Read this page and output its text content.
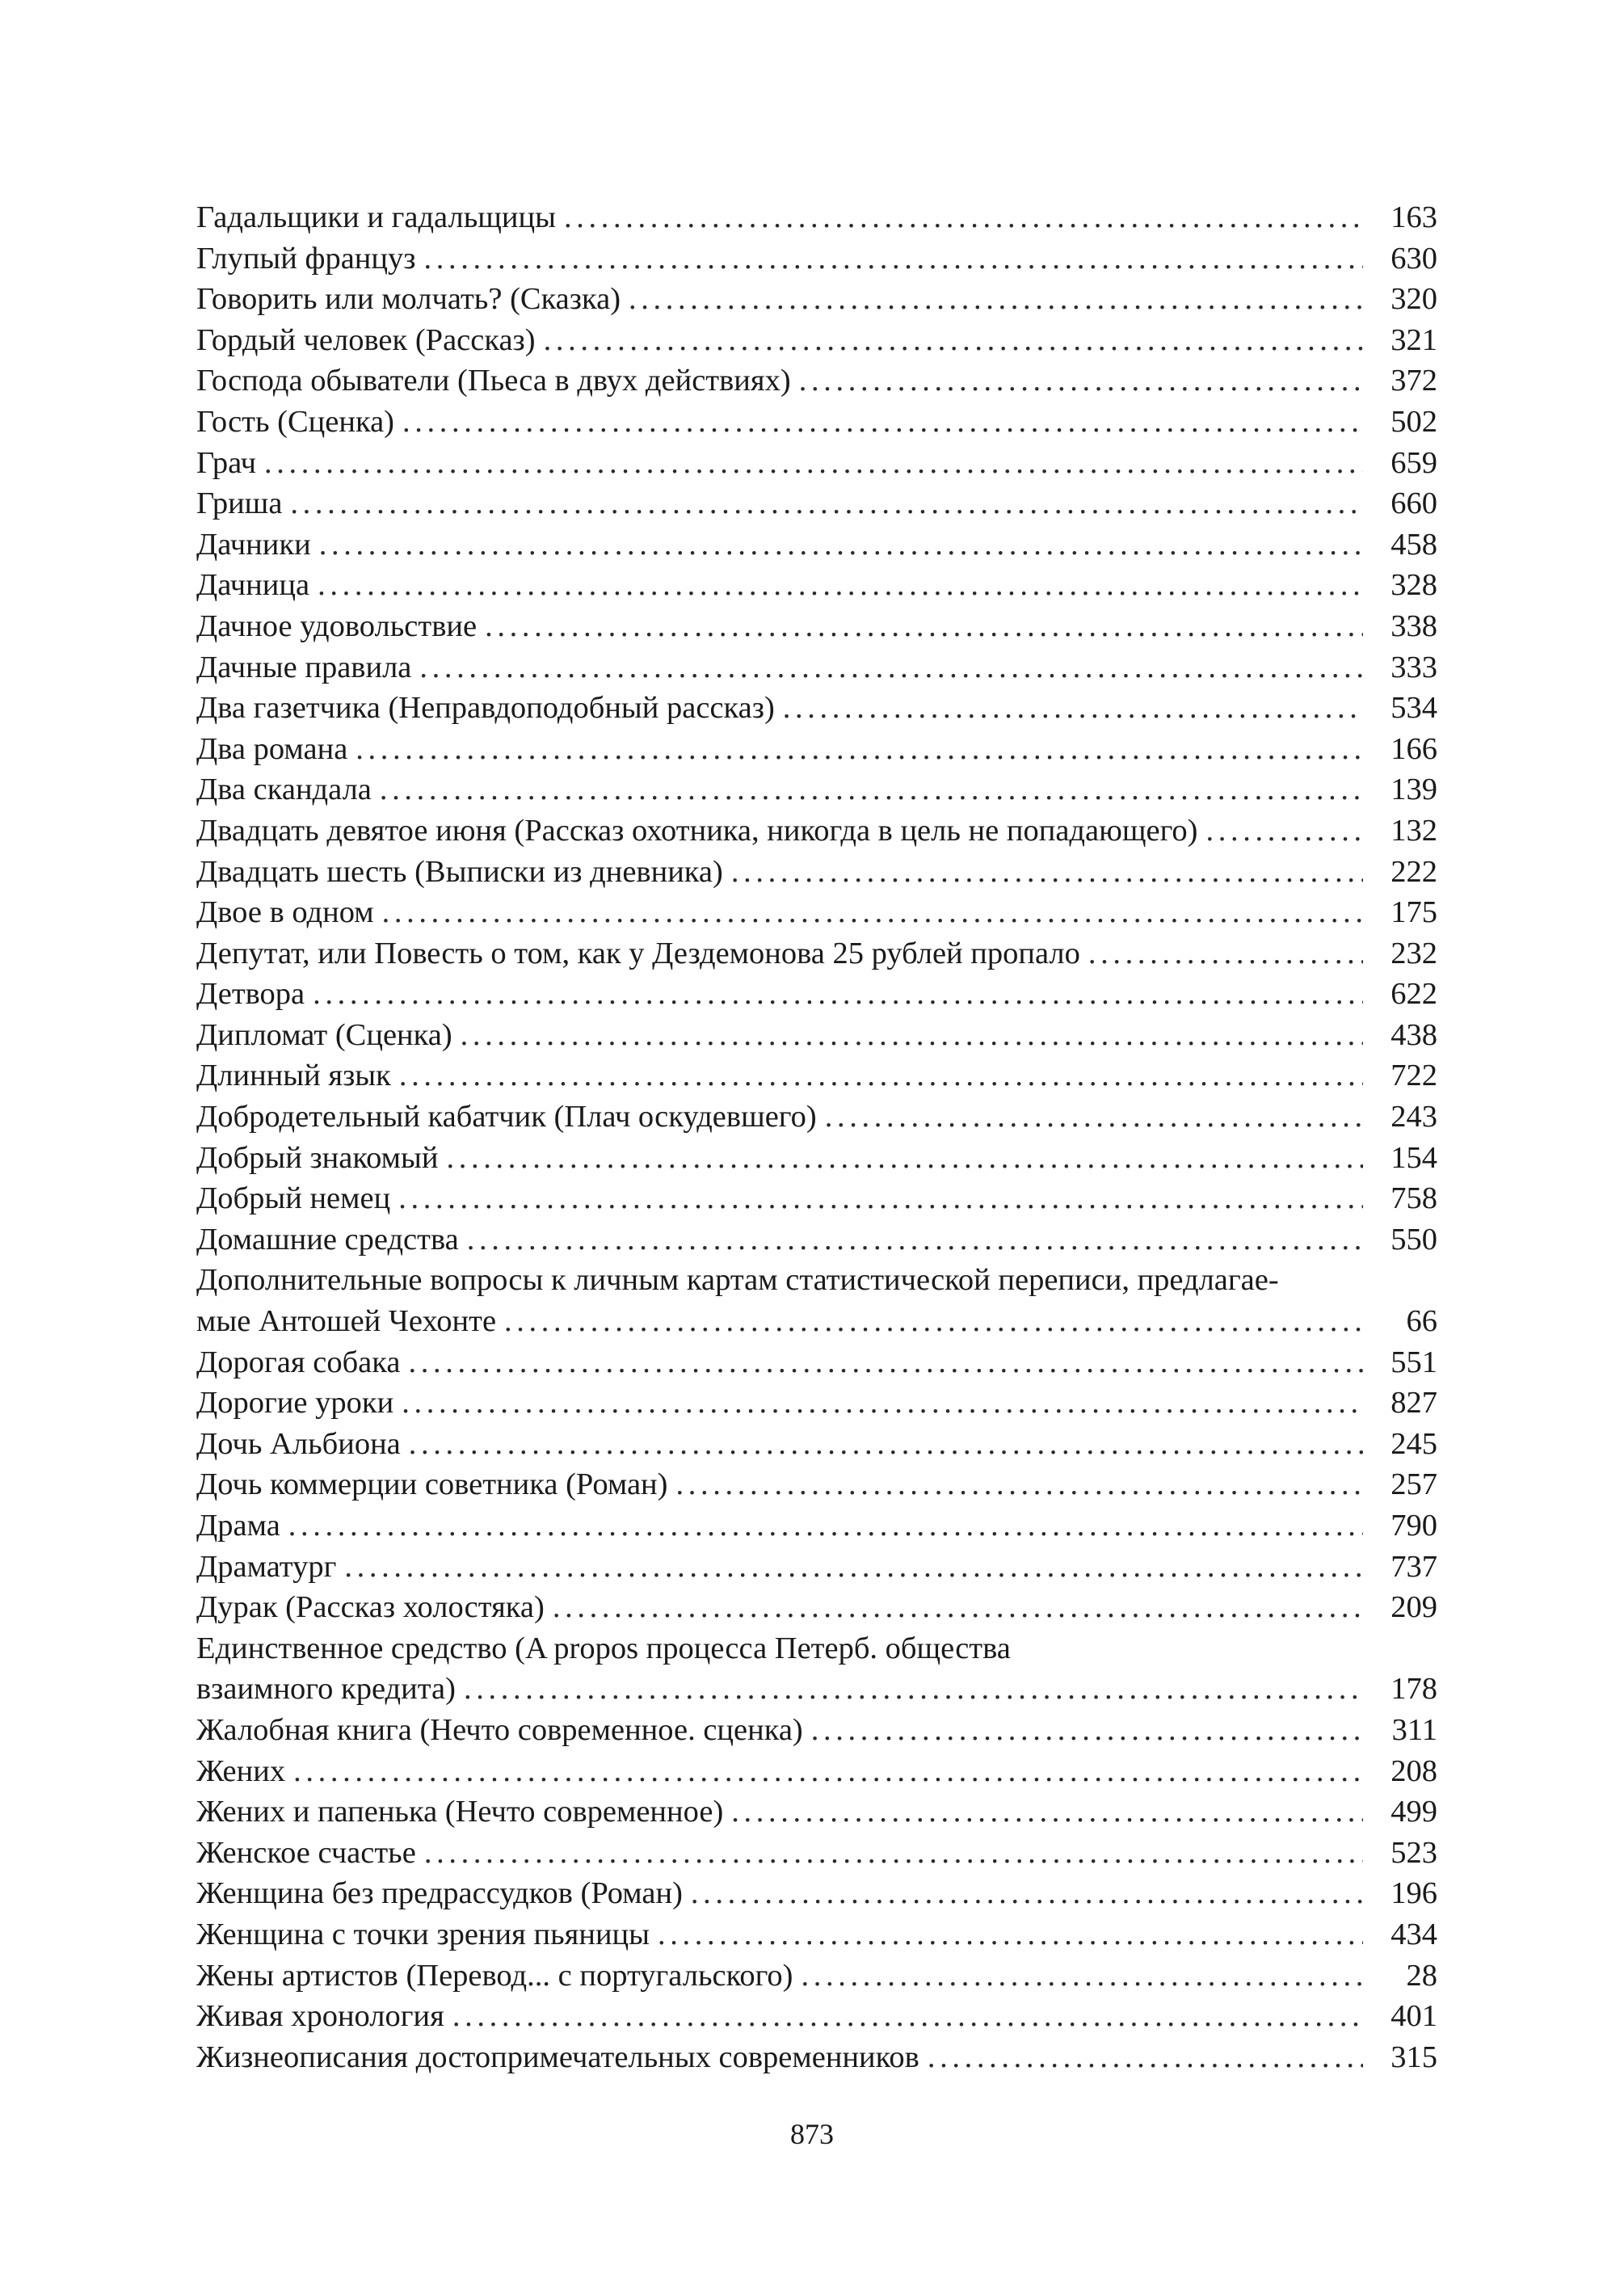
Гадальщики и гадальщицы . . .	163
Глупый француз . . .	630
Говорить или молчать? (Сказка) . . .	320
Гордый человек (Рассказ) . . .	321
Господа обыватели (Пьеса в двух действиях) . . .	372
Гость (Сценка) . . .	502
Грач . . .	659
Гриша . . .	660
Дачники . . .	458
Дачница . . .	328
Дачное удовольствие . . .	338
Дачные правила . . .	333
Два газетчика (Неправдоподобный рассказ) . . .	534
Два романа . . .	166
Два скандала . . .	139
Двадцать девятое июня (Рассказ охотника, никогда в цель не попадающего) . . .	132
Двадцать шесть (Выписки из дневника) . . .	222
Двое в одном . . .	175
Депутат, или Повесть о том, как у Дездемонова 25 рублей пропало . . .	232
Детвора . . .	622
Дипломат (Сценка) . . .	438
Длинный язык . . .	722
Добродетельный кабатчик (Плач оскудевшего) . . .	243
Добрый знакомый . . .	154
Добрый немец . . .	758
Домашние средства . . .	550
Дополнительные вопросы к личным картам статистической переписи, предлагае-
мые Антошей Чехонте . . .	66
Дорогая собака . . .	551
Дорогие уроки . . .	827
Дочь Альбиона . . .	245
Дочь коммерции советника (Роман) . . .	257
Драма . . .	790
Драматург . . .	737
Дурак (Рассказ холостяка) . . .	209
Единственное средство (A propos процесса Петерб. общества
взаимного кредита) . . .	178
Жалобная книга (Нечто современное. сценка) . . .	311
Жених . . .	208
Жених и папенька (Нечто современное) . . .	499
Женское счастье . . .	523
Женщина без предрассудков (Роман) . . .	196
Женщина с точки зрения пьяницы . . .	434
Жены артистов (Перевод... с португальского) . . .	28
Живая хронология . . .	401
Жизнеописания достопримечательных современников . . .	315
873
